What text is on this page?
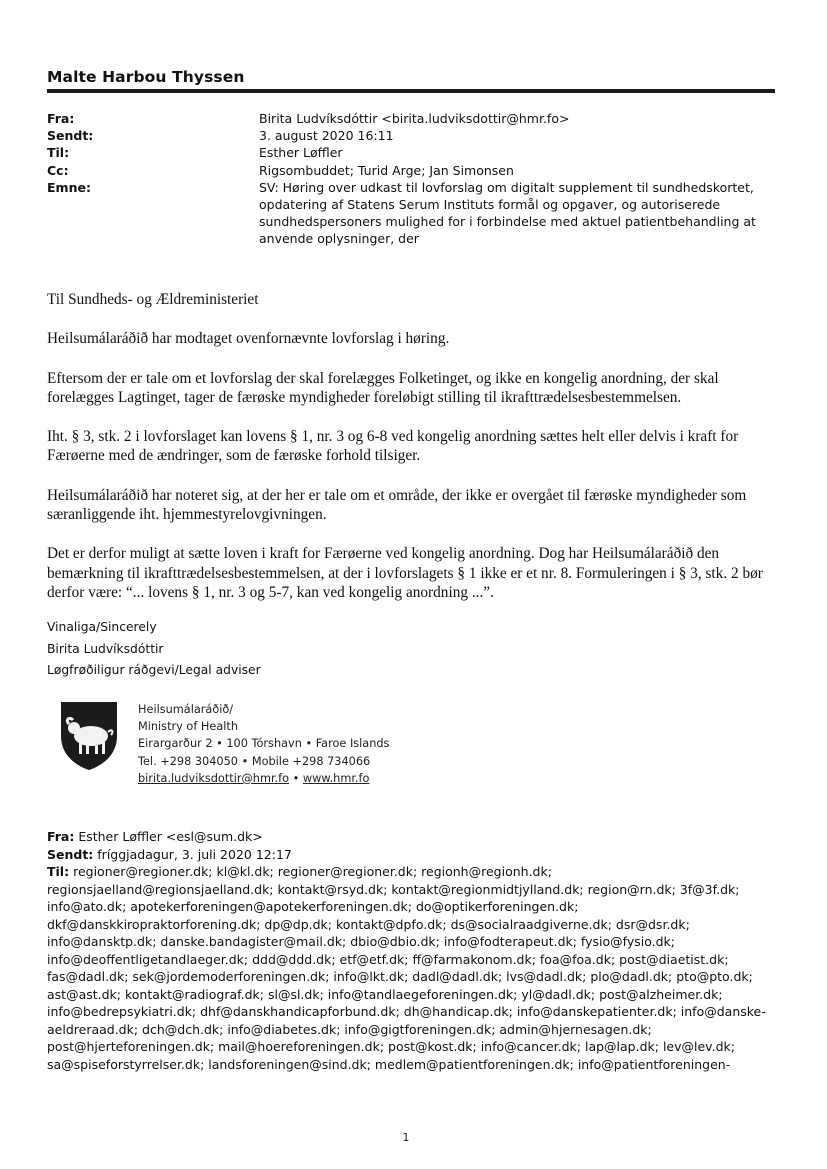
Malte Harbou Thyssen
Fra:	Birita Ludvíksdóttir <birita.ludviksdottir@hmr.fo>
Sendt:	3. august 2020 16:11
Til:	Esther Løffler
Cc:	Rigsombuddet; Turid Arge; Jan Simonsen
Emne:	SV: Høring over udkast til lovforslag om digitalt supplement til sundhedskortet,
opdatering af Statens Serum Instituts formål og opgaver, og autoriserede
sundhedspersoners mulighed for i forbindelse med aktuel patientbehandling at
anvende oplysninger, der

Til Sundheds- og Ældreministeriet

Heilsumálaráðið har modtaget ovenfornævnte lovforslag i høring.

Eftersom der er tale om et lovforslag der skal forelægges Folketinget, og ikke en kongelig anordning, der skal forelægges Lagtinget, tager de færøske myndigheder foreløbigt stilling til ikrafttrædelsesbestemmelsen.

Iht. § 3, stk. 2 i lovforslaget kan lovens § 1, nr. 3 og 6-8 ved kongelig anordning sættes helt eller delvis i kraft for Færøerne med de ændringer, som de færøske forhold tilsiger.

Heilsumálaráðið har noteret sig, at der her er tale om et område, der ikke er overgået til færøske myndigheder som særanliggende iht. hjemmestyrelovgivningen.

Det er derfor muligt at sætte loven i kraft for Færøerne ved kongelig anordning. Dog har Heilsumálaráðið den bemærkning til ikrafttrædelsesbestemmelsen, at der i lovforslagets § 1 ikke er et nr. 8. Formuleringen i § 3, stk. 2 bør derfor være: “... lovens § 1, nr. 3 og 5-7, kan ved kongelig anordning ...”.

Vinaliga/Sincerely
Birita Ludvíksdóttir
Løgfrøðiligur ráðgevi/Legal adviser
Heilsumálaráðið/
Ministry of Health
Eirargarður 2 • 100 Tórshavn • Faroe Islands
Tel. +298 304050 • Mobile +298 734066
birita.ludviksdottir@hmr.fo • www.hmr.fo
Fra: Esther Løffler <esl@sum.dk>
Sendt: fríggjadagur, 3. juli 2020 12:17
Til: regioner@regioner.dk; kl@kl.dk; regioner@regioner.dk; regionh@regionh.dk;
regionsjaelland@regionsjaelland.dk; kontakt@rsyd.dk; kontakt@regionmidtjylland.dk; region@rn.dk; 3f@3f.dk;
info@ato.dk; apotekerforeningen@apotekerforeningen.dk; do@optikerforeningen.dk;
dkf@danskkiropraktorforening.dk; dp@dp.dk; kontakt@dpfo.dk; ds@socialraadgiverne.dk; dsr@dsr.dk;
info@dansktp.dk; danske.bandagister@mail.dk; dbio@dbio.dk; info@fodterapeut.dk; fysio@fysio.dk;
info@deoffentligetandlaeger.dk; ddd@ddd.dk; etf@etf.dk; ff@farmakonom.dk; foa@foa.dk; post@diaetist.dk;
fas@dadl.dk; sek@jordemoderforeningen.dk; info@lkt.dk; dadl@dadl.dk; lvs@dadl.dk; plo@dadl.dk; pto@pto.dk;
ast@ast.dk; kontakt@radiograf.dk; sl@sl.dk; info@tandlaegeforeningen.dk; yl@dadl.dk; post@alzheimer.dk;
info@bedrepsykiatri.dk; dhf@danskhandicapforbund.dk; dh@handicap.dk; info@danskepatienter.dk; info@danske-
aeldreraad.dk; dch@dch.dk; info@diabetes.dk; info@gigtforeningen.dk; admin@hjernesagen.dk;
post@hjerteforeningen.dk; mail@hoereforeningen.dk; post@kost.dk; info@cancer.dk; lap@lap.dk; lev@lev.dk;
sa@spiseforstyrrelser.dk; landsforeningen@sind.dk; medlem@patientforeningen.dk; info@patientforeningen-
1
